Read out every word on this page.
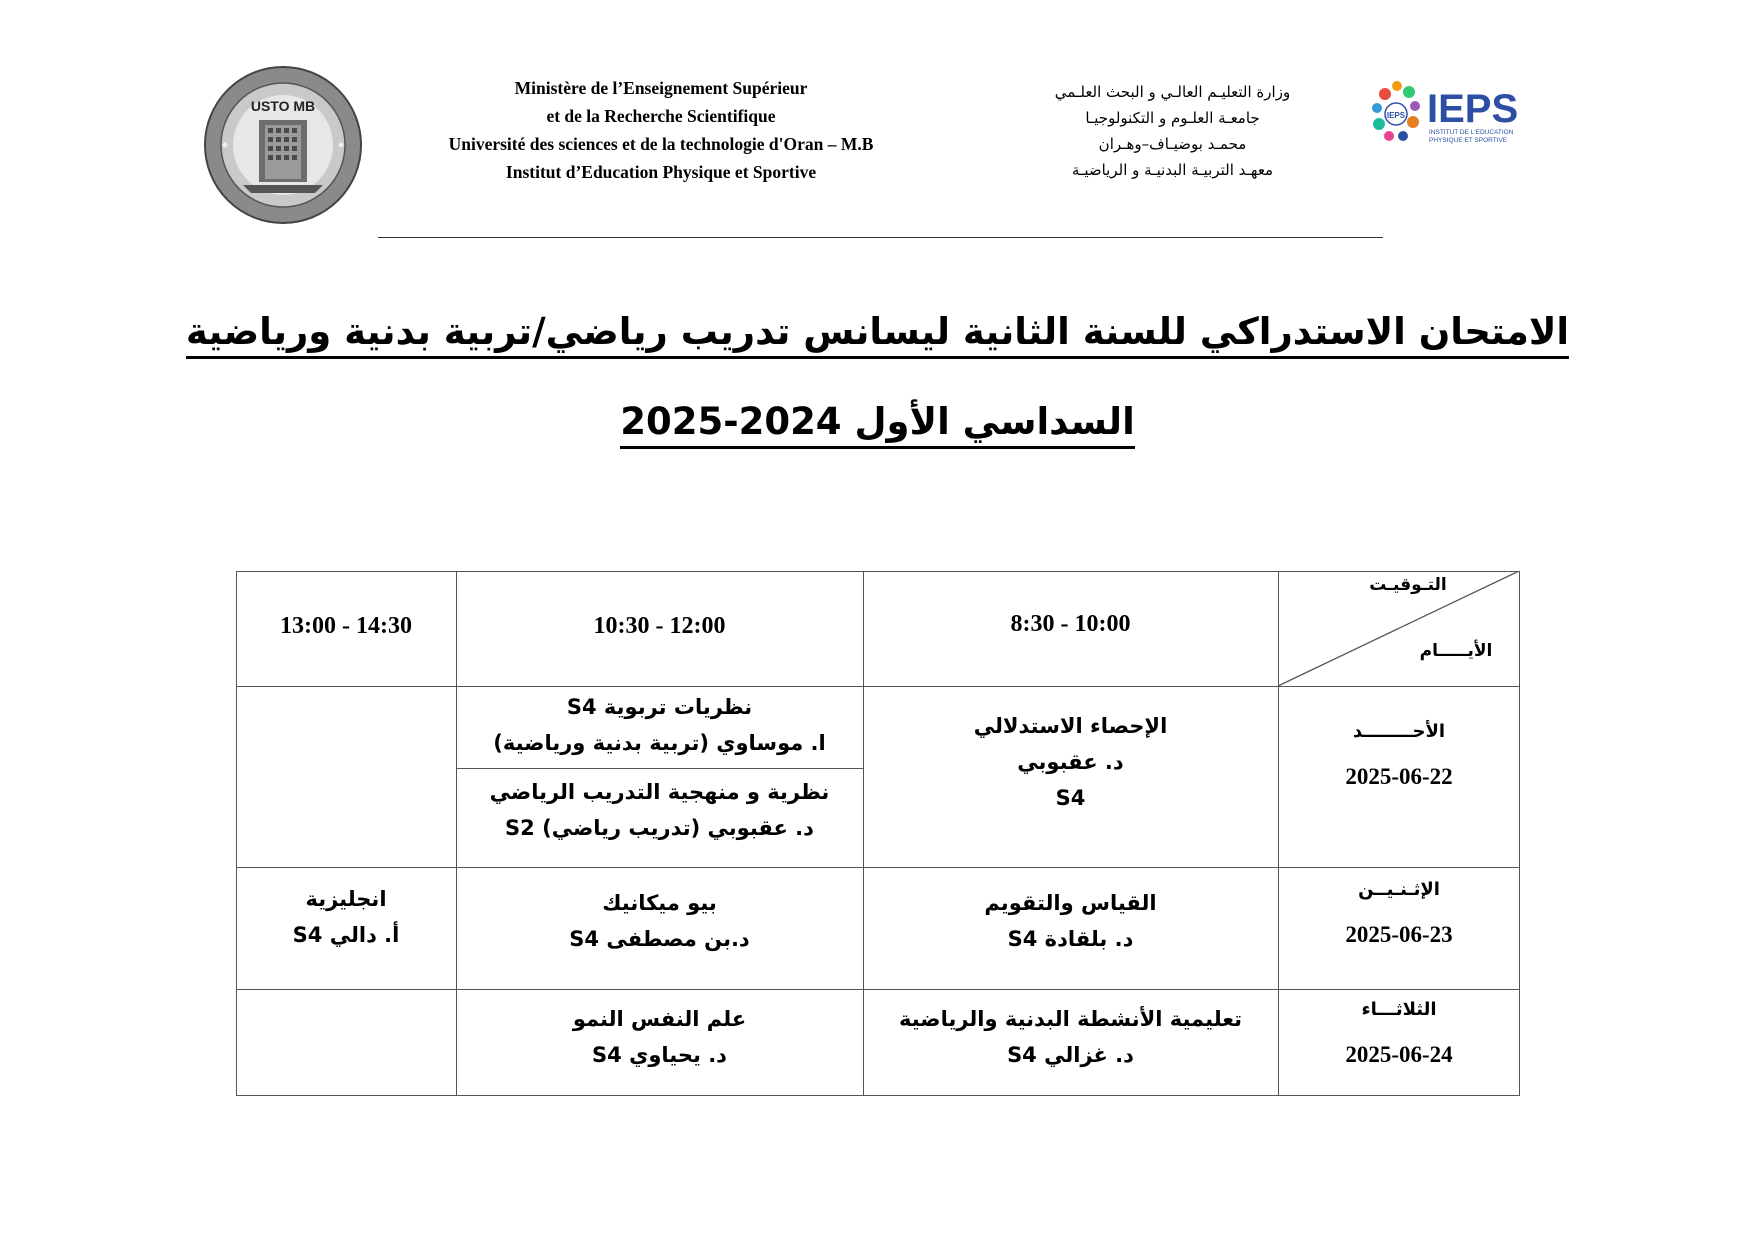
USTO MB
Ministère de l’Enseignement Supérieur
et de la Recherche Scientifique
Université des sciences et de la technologie d'Oran – M.B
Institut d’Education Physique et Sportive
وزارة التعليـم العالـي و البحث العلـمي
جامعـة العلـوم و التكنولوجيـا
محمـد بوضيـاف–وهـران
معهـد التربيـة البدنيـة و الرياضيـة
IEPS IEPS
INSTITUT DE L'EDUCATION
PHYSIQUE ET SPORTIVE
الامتحان الاستدراكي للسنة الثانية ليسانس تدريب رياضي/تربية بدنية ورياضية
السداسي الأول 2024-2025
التـوقيـت
الأيـــــام
8:30 - 10:00
10:30 - 12:00
13:00 - 14:30
الأحــــــــد
2025-06-22
الإحصاء الاستدلالي
د. عقبوبي
S4
نظريات تربوية S4
ا. موساوي (تربية بدنية ورياضية)
نظرية و منهجية التدريب الرياضي
د. عقبوبي (تدريب رياضي) S2
الإثـنـيــن
2025-06-23
القياس والتقويم
د. بلقادة S4
بيو ميكانيك
د.بن مصطفى S4
انجليزية
أ. دالي S4
الثلاثـــاء
2025-06-24
تعليمية الأنشطة البدنية والرياضية
د. غزالي S4
علم النفس النمو
د. يحياوي S4
